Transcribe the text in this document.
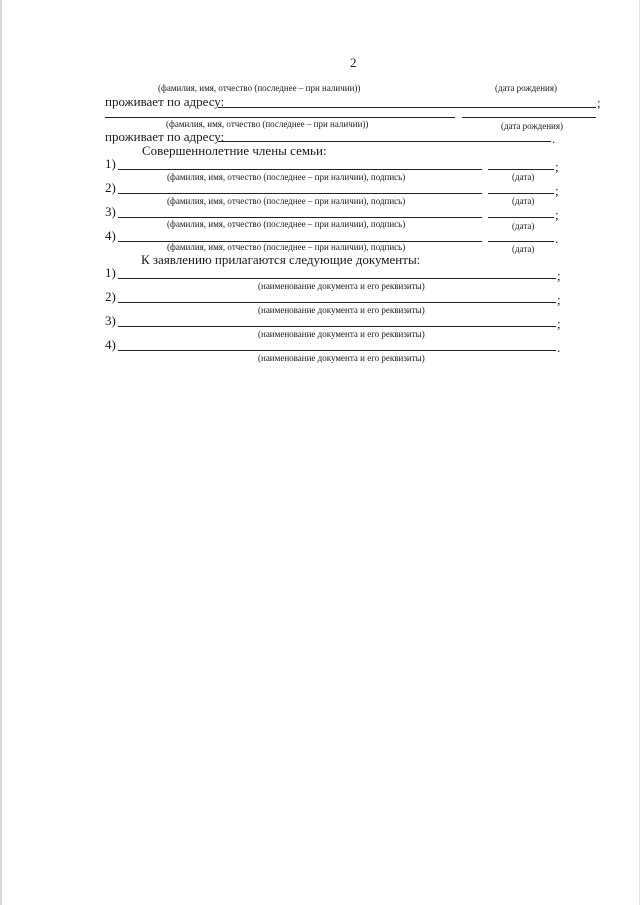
2
(фамилия, имя, отчество (последнее – при наличии))	(дата рождения)
проживает по адресу:	;
(фамилия, имя, отчество (последнее – при наличии))	(дата рождения)
проживает по адресу:	.
Совершеннолетние члены семьи:
1)	;
(фамилия, имя, отчество (последнее – при наличии), подпись)	(дата)
2)	;
(фамилия, имя, отчество (последнее – при наличии), подпись)	(дата)
3)	;
(фамилия, имя, отчество (последнее – при наличии), подпись)	(дата)
4)	.
(фамилия, имя, отчество (последнее – при наличии), подпись)	(дата)
К заявлению прилагаются следующие документы:
1)	;
(наименование документа и его реквизиты)
2)	;
(наименование документа и его реквизиты)
3)	;
(наименование документа и его реквизиты)
4)	.
(наименование документа и его реквизиты)
